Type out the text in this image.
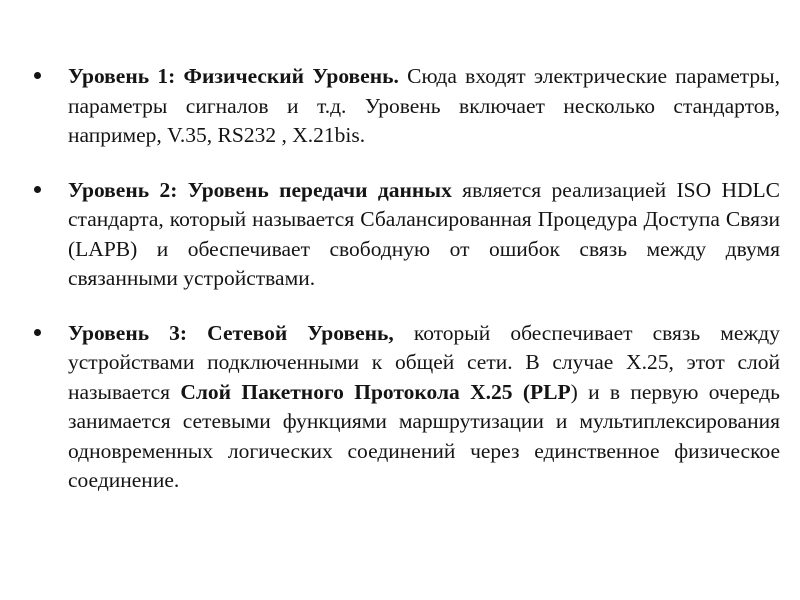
Уровень 1: Физический Уровень. Сюда входят электрические параметры, параметры сигналов и т.д. Уровень включает несколько стандартов, например, V.35, RS232 , X.21bis.
Уровень 2: Уровень передачи данных является реализацией ISO HDLC стандарта, который называется Сбалансированная Процедура Доступа Связи (LAPB) и обеспечивает свободную от ошибок связь между двумя связанными устройствами.
Уровень 3: Сетевой Уровень, который обеспечивает связь между устройствами подключенными к общей сети. В случае X.25, этот слой называется Слой Пакетного Протокола X.25 (PLP) и в первую очередь занимается сетевыми функциями маршрутизации и мультиплексирования одновременных логических соединений через единственное физическое соединение.
